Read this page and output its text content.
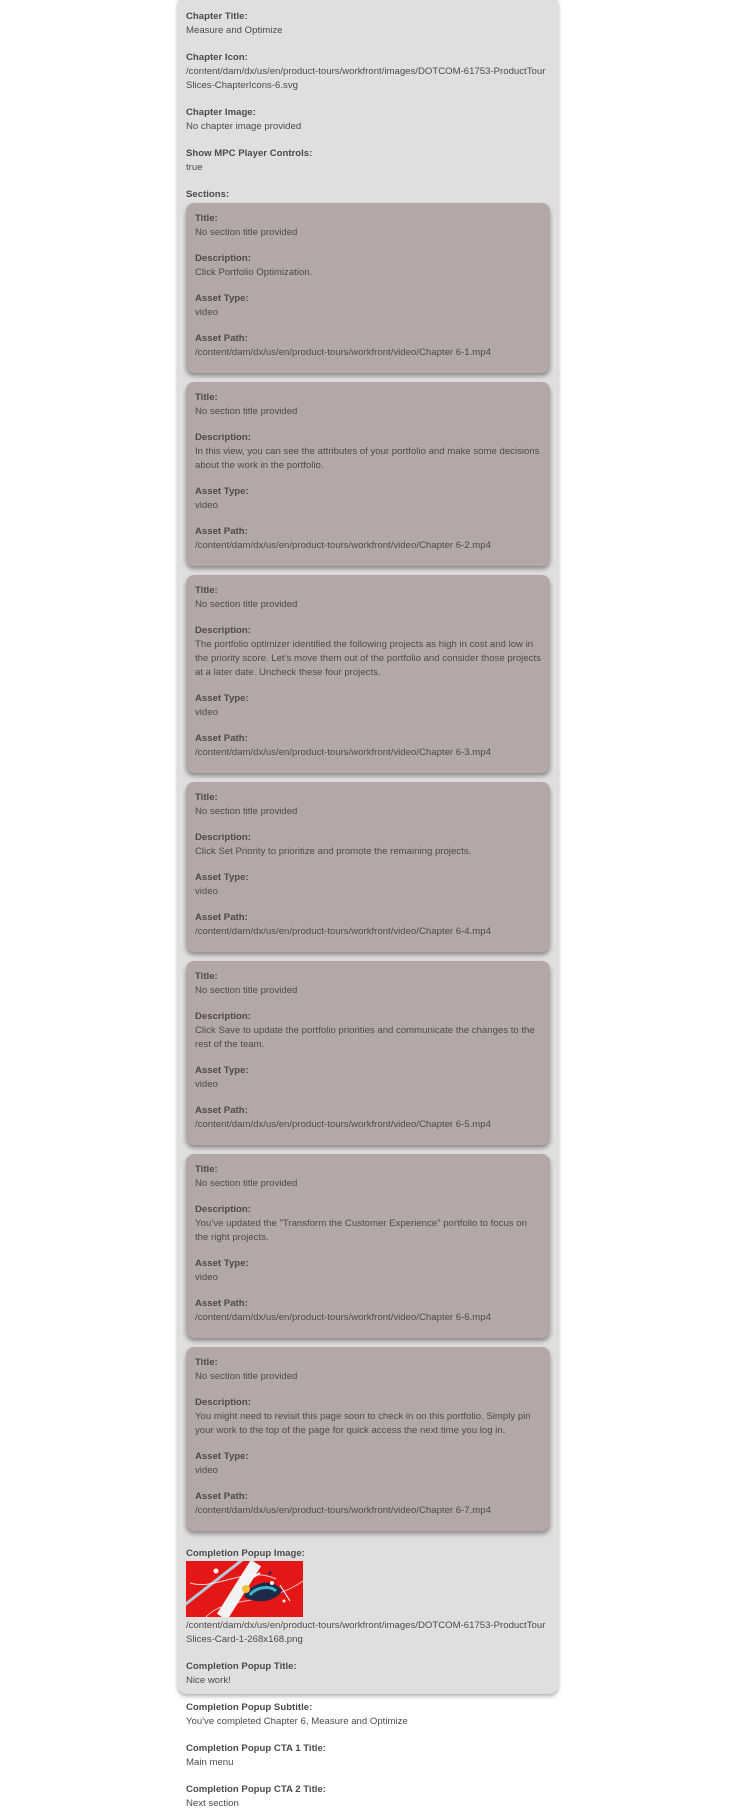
Chapter Title:
Measure and Optimize
Chapter Icon:
/content/dam/dx/us/en/product-tours/workfront/images/DOTCOM-61753-ProductTourSlices-ChapterIcons-6.svg
Chapter Image:
No chapter image provided
Show MPC Player Controls:
true
Sections:
Title:
No section title provided
Description:
Click Portfolio Optimization.
Asset Type:
video
Asset Path:
/content/dam/dx/us/en/product-tours/workfront/video/Chapter 6-1.mp4
Title:
No section title provided
Description:
In this view, you can see the attributes of your portfolio and make some decisions about the work in the portfolio.
Asset Type:
video
Asset Path:
/content/dam/dx/us/en/product-tours/workfront/video/Chapter 6-2.mp4
Title:
No section title provided
Description:
The portfolio optimizer identified the following projects as high in cost and low in the priority score. Let’s move them out of the portfolio and consider those projects at a later date. Uncheck these four projects.
Asset Type:
video
Asset Path:
/content/dam/dx/us/en/product-tours/workfront/video/Chapter 6-3.mp4
Title:
No section title provided
Description:
Click Set Priority to prioritize and promote the remaining projects.
Asset Type:
video
Asset Path:
/content/dam/dx/us/en/product-tours/workfront/video/Chapter 6-4.mp4
Title:
No section title provided
Description:
Click Save to update the portfolio priorities and communicate the changes to the rest of the team.
Asset Type:
video
Asset Path:
/content/dam/dx/us/en/product-tours/workfront/video/Chapter 6-5.mp4
Title:
No section title provided
Description:
You’ve updated the "Transform the Customer Experience" portfolio to focus on the right projects.
Asset Type:
video
Asset Path:
/content/dam/dx/us/en/product-tours/workfront/video/Chapter 6-6.mp4
Title:
No section title provided
Description:
You might need to revisit this page soon to check in on this portfolio. Simply pin your work to the top of the page for quick access the next time you log in.
Asset Type:
video
Asset Path:
/content/dam/dx/us/en/product-tours/workfront/video/Chapter 6-7.mp4
Completion Popup Image:
/content/dam/dx/us/en/product-tours/workfront/images/DOTCOM-61753-ProductTourSlices-Card-1-268x168.png
Completion Popup Title:
Nice work!
Completion Popup Subtitle:
You've completed Chapter 6, Measure and Optimize
Completion Popup CTA 1 Title:
Main menu
Completion Popup CTA 2 Title:
Next section
